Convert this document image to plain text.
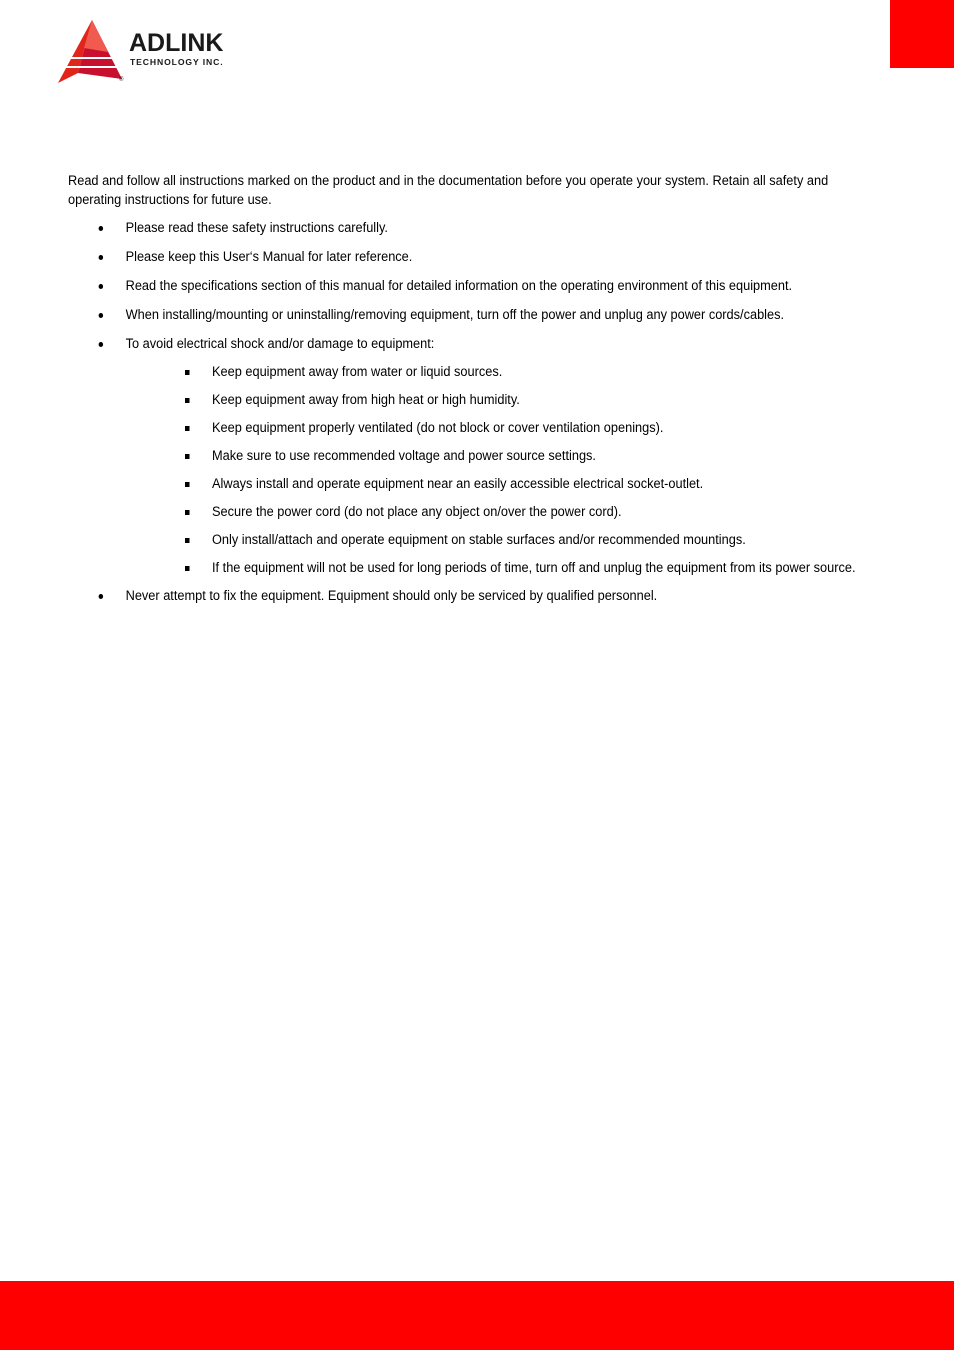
ADLINK
TECHNOLOGY INC.
®

Read and follow all instructions marked on the product and in the documentation before you operate your system. Retain all safety and operating instructions for future use.

Please read these safety instructions carefully.
Please keep this User‘s Manual for later reference.
Read the specifications section of this manual for detailed information on the operating environment of this equipment.
When installing/mounting or uninstalling/removing equipment, turn off the power and unplug any power cords/cables.
To avoid electrical shock and/or damage to equipment:
Keep equipment away from water or liquid sources.
Keep equipment away from high heat or high humidity.
Keep equipment properly ventilated (do not block or cover ventilation openings).
Make sure to use recommended voltage and power source settings.
Always install and operate equipment near an easily accessible electrical socket-outlet.
Secure the power cord (do not place any object on/over the power cord).
Only install/attach and operate equipment on stable surfaces and/or recommended mountings.
If the equipment will not be used for long periods of time, turn off and unplug the equipment from its power source.
Never attempt to fix the equipment. Equipment should only be serviced by qualified personnel.
